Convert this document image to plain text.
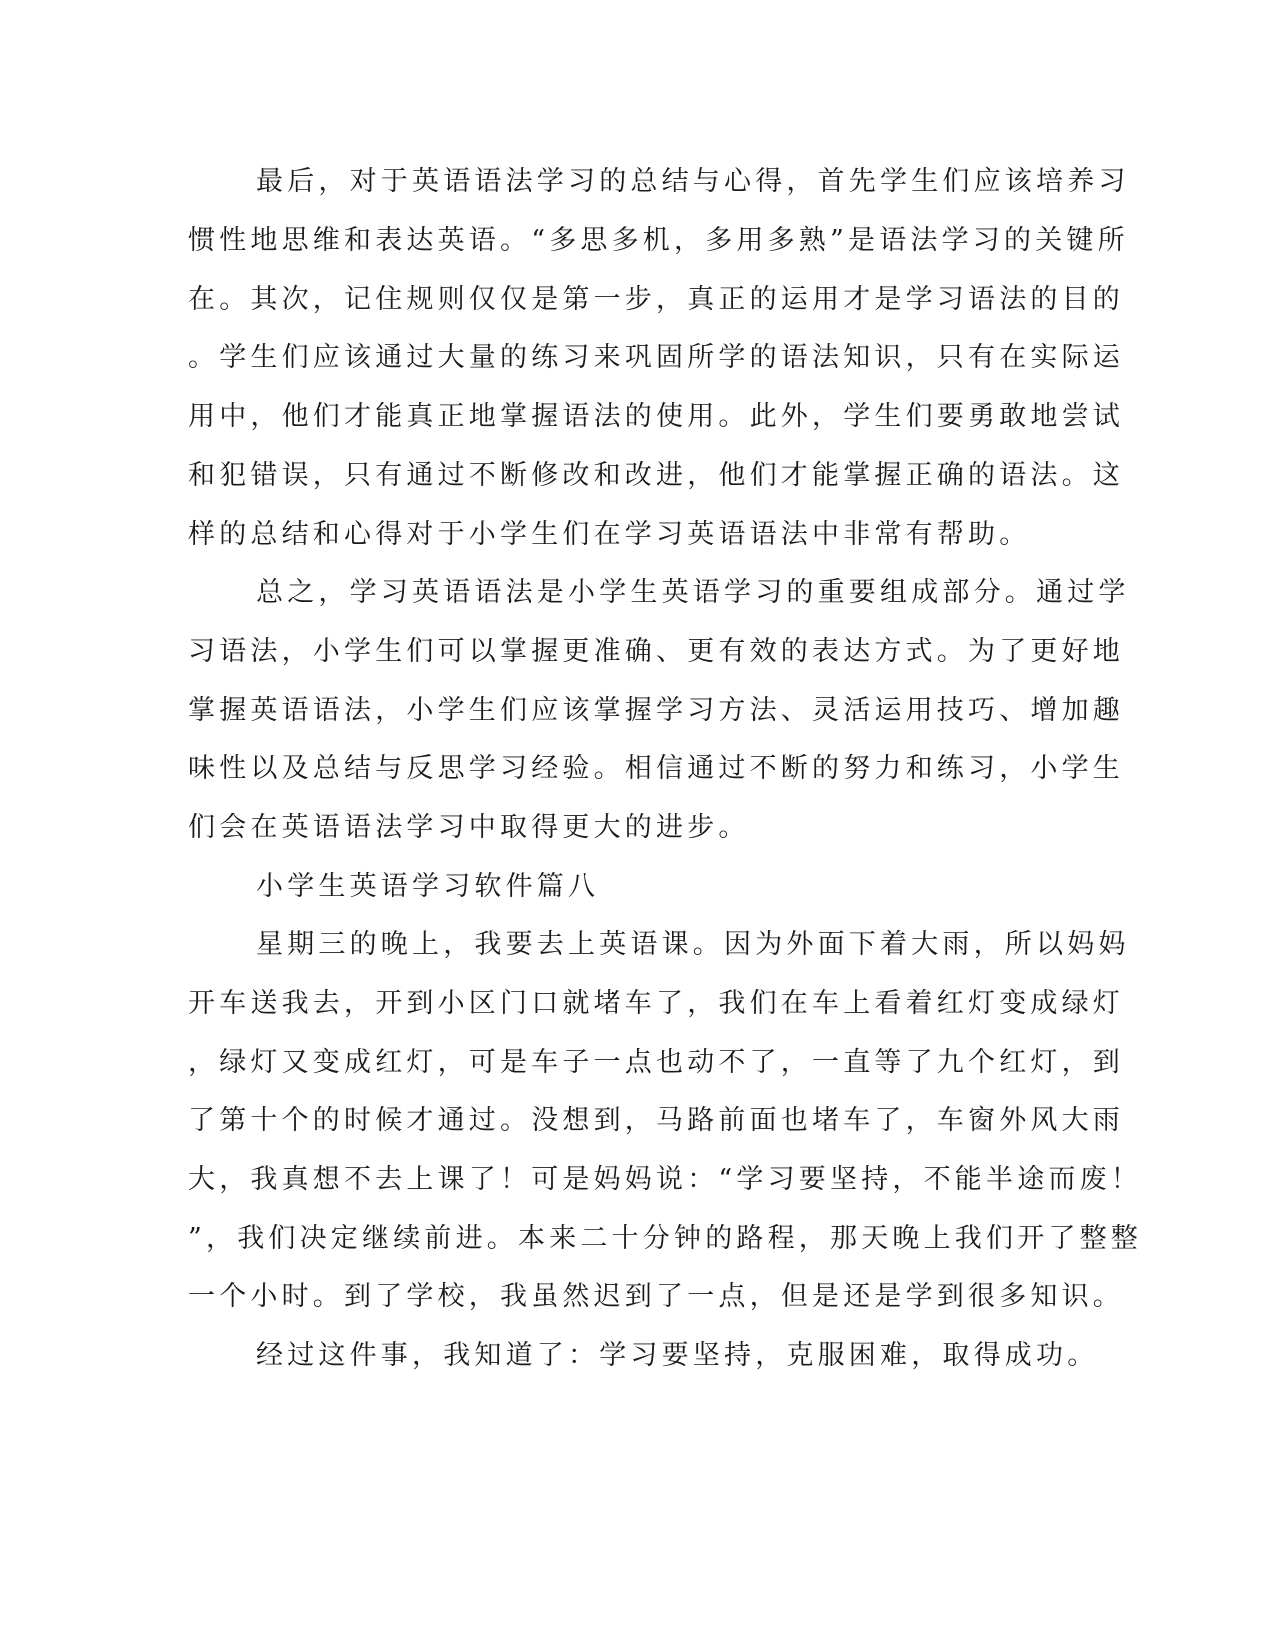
最后，对于英语语法学习的总结与心得，首先学生们应该培养习
惯性地思维和表达英语。“多思多机，多用多熟”是语法学习的关键所
在。其次，记住规则仅仅是第一步，真正的运用才是学习语法的目的
。学生们应该通过大量的练习来巩固所学的语法知识，只有在实际运
用中，他们才能真正地掌握语法的使用。此外，学生们要勇敢地尝试
和犯错误，只有通过不断修改和改进，他们才能掌握正确的语法。这
样的总结和心得对于小学生们在学习英语语法中非常有帮助。
总之，学习英语语法是小学生英语学习的重要组成部分。通过学
习语法，小学生们可以掌握更准确、更有效的表达方式。为了更好地
掌握英语语法，小学生们应该掌握学习方法、灵活运用技巧、增加趣
味性以及总结与反思学习经验。相信通过不断的努力和练习，小学生
们会在英语语法学习中取得更大的进步。
小学生英语学习软件篇八
星期三的晚上，我要去上英语课。因为外面下着大雨，所以妈妈
开车送我去，开到小区门口就堵车了，我们在车上看着红灯变成绿灯
，绿灯又变成红灯，可是车子一点也动不了，一直等了九个红灯，到
了第十个的时候才通过。没想到，马路前面也堵车了，车窗外风大雨
大，我真想不去上课了！可是妈妈说：“学习要坚持，不能半途而废！
”，我们决定继续前进。本来二十分钟的路程，那天晚上我们开了整整
一个小时。到了学校，我虽然迟到了一点，但是还是学到很多知识。
经过这件事，我知道了：学习要坚持，克服困难，取得成功。
